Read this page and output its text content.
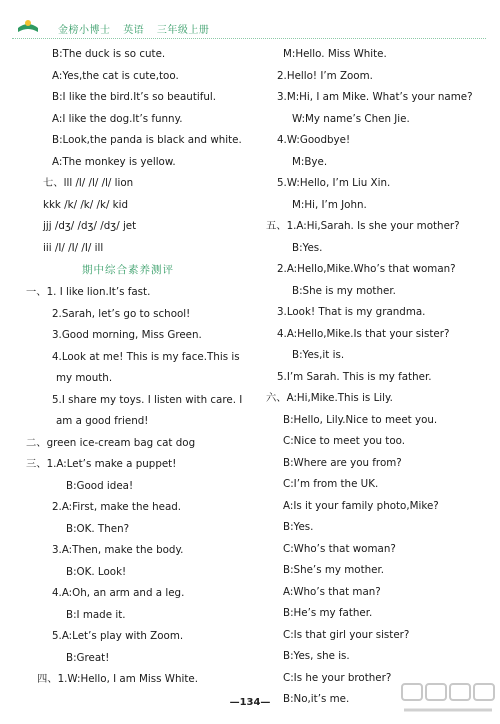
金榜小博士 英语 三年级上册
B:The duck is so cute.
A:Yes,the cat is cute,too.
B:I like the bird.It’s so beautiful.
A:I like the dog.It’s funny.
B:Look,the panda is black and white.
A:The monkey is yellow.
七、lll /l/ /l/ /l/ lion
kkk /k/ /k/ /k/ kid
jjj /dʒ/ /dʒ/ /dʒ/ jet
iii /I/ /I/ /I/ ill
期中综合素养测评
一、1. I like lion.It’s fast.
2.Sarah, let’s go to school!
3.Good morning, Miss Green.
4.Look at me! This is my face.This is
my mouth.
5.I share my toys. I listen with care. I
am a good friend!
二、green ice-cream bag cat dog
三、1.A:Let’s make a puppet!
B:Good idea!
2.A:First, make the head.
B:OK. Then?
3.A:Then, make the body.
B:OK. Look!
4.A:Oh, an arm and a leg.
B:I made it.
5.A:Let’s play with Zoom.
B:Great!
四、1.W:Hello, I am Miss White.
M:Hello. Miss White.
2.Hello! I’m Zoom.
3.M:Hi, I am Mike. What’s your name?
W:My name’s Chen Jie.
4.W:Goodbye!
M:Bye.
5.W:Hello, I’m Liu Xin.
M:Hi, I’m John.
五、1.A:Hi,Sarah. Is she your mother?
B:Yes.
2.A:Hello,Mike.Who’s that woman?
B:She is my mother.
3.Look! That is my grandma.
4.A:Hello,Mike.Is that your sister?
B:Yes,it is.
5.I’m Sarah. This is my father.
六、A:Hi,Mike.This is Lily.
B:Hello, Lily.Nice to meet you.
C:Nice to meet you too.
B:Where are you from?
C:I’m from the UK.
A:Is it your family photo,Mike?
B:Yes.
C:Who’s that woman?
B:She’s my mother.
A:Who’s that man?
B:He’s my father.
C:Is that girl your sister?
B:Yes, she is.
C:Is he your brother?
B:No,it’s me.
—134—
